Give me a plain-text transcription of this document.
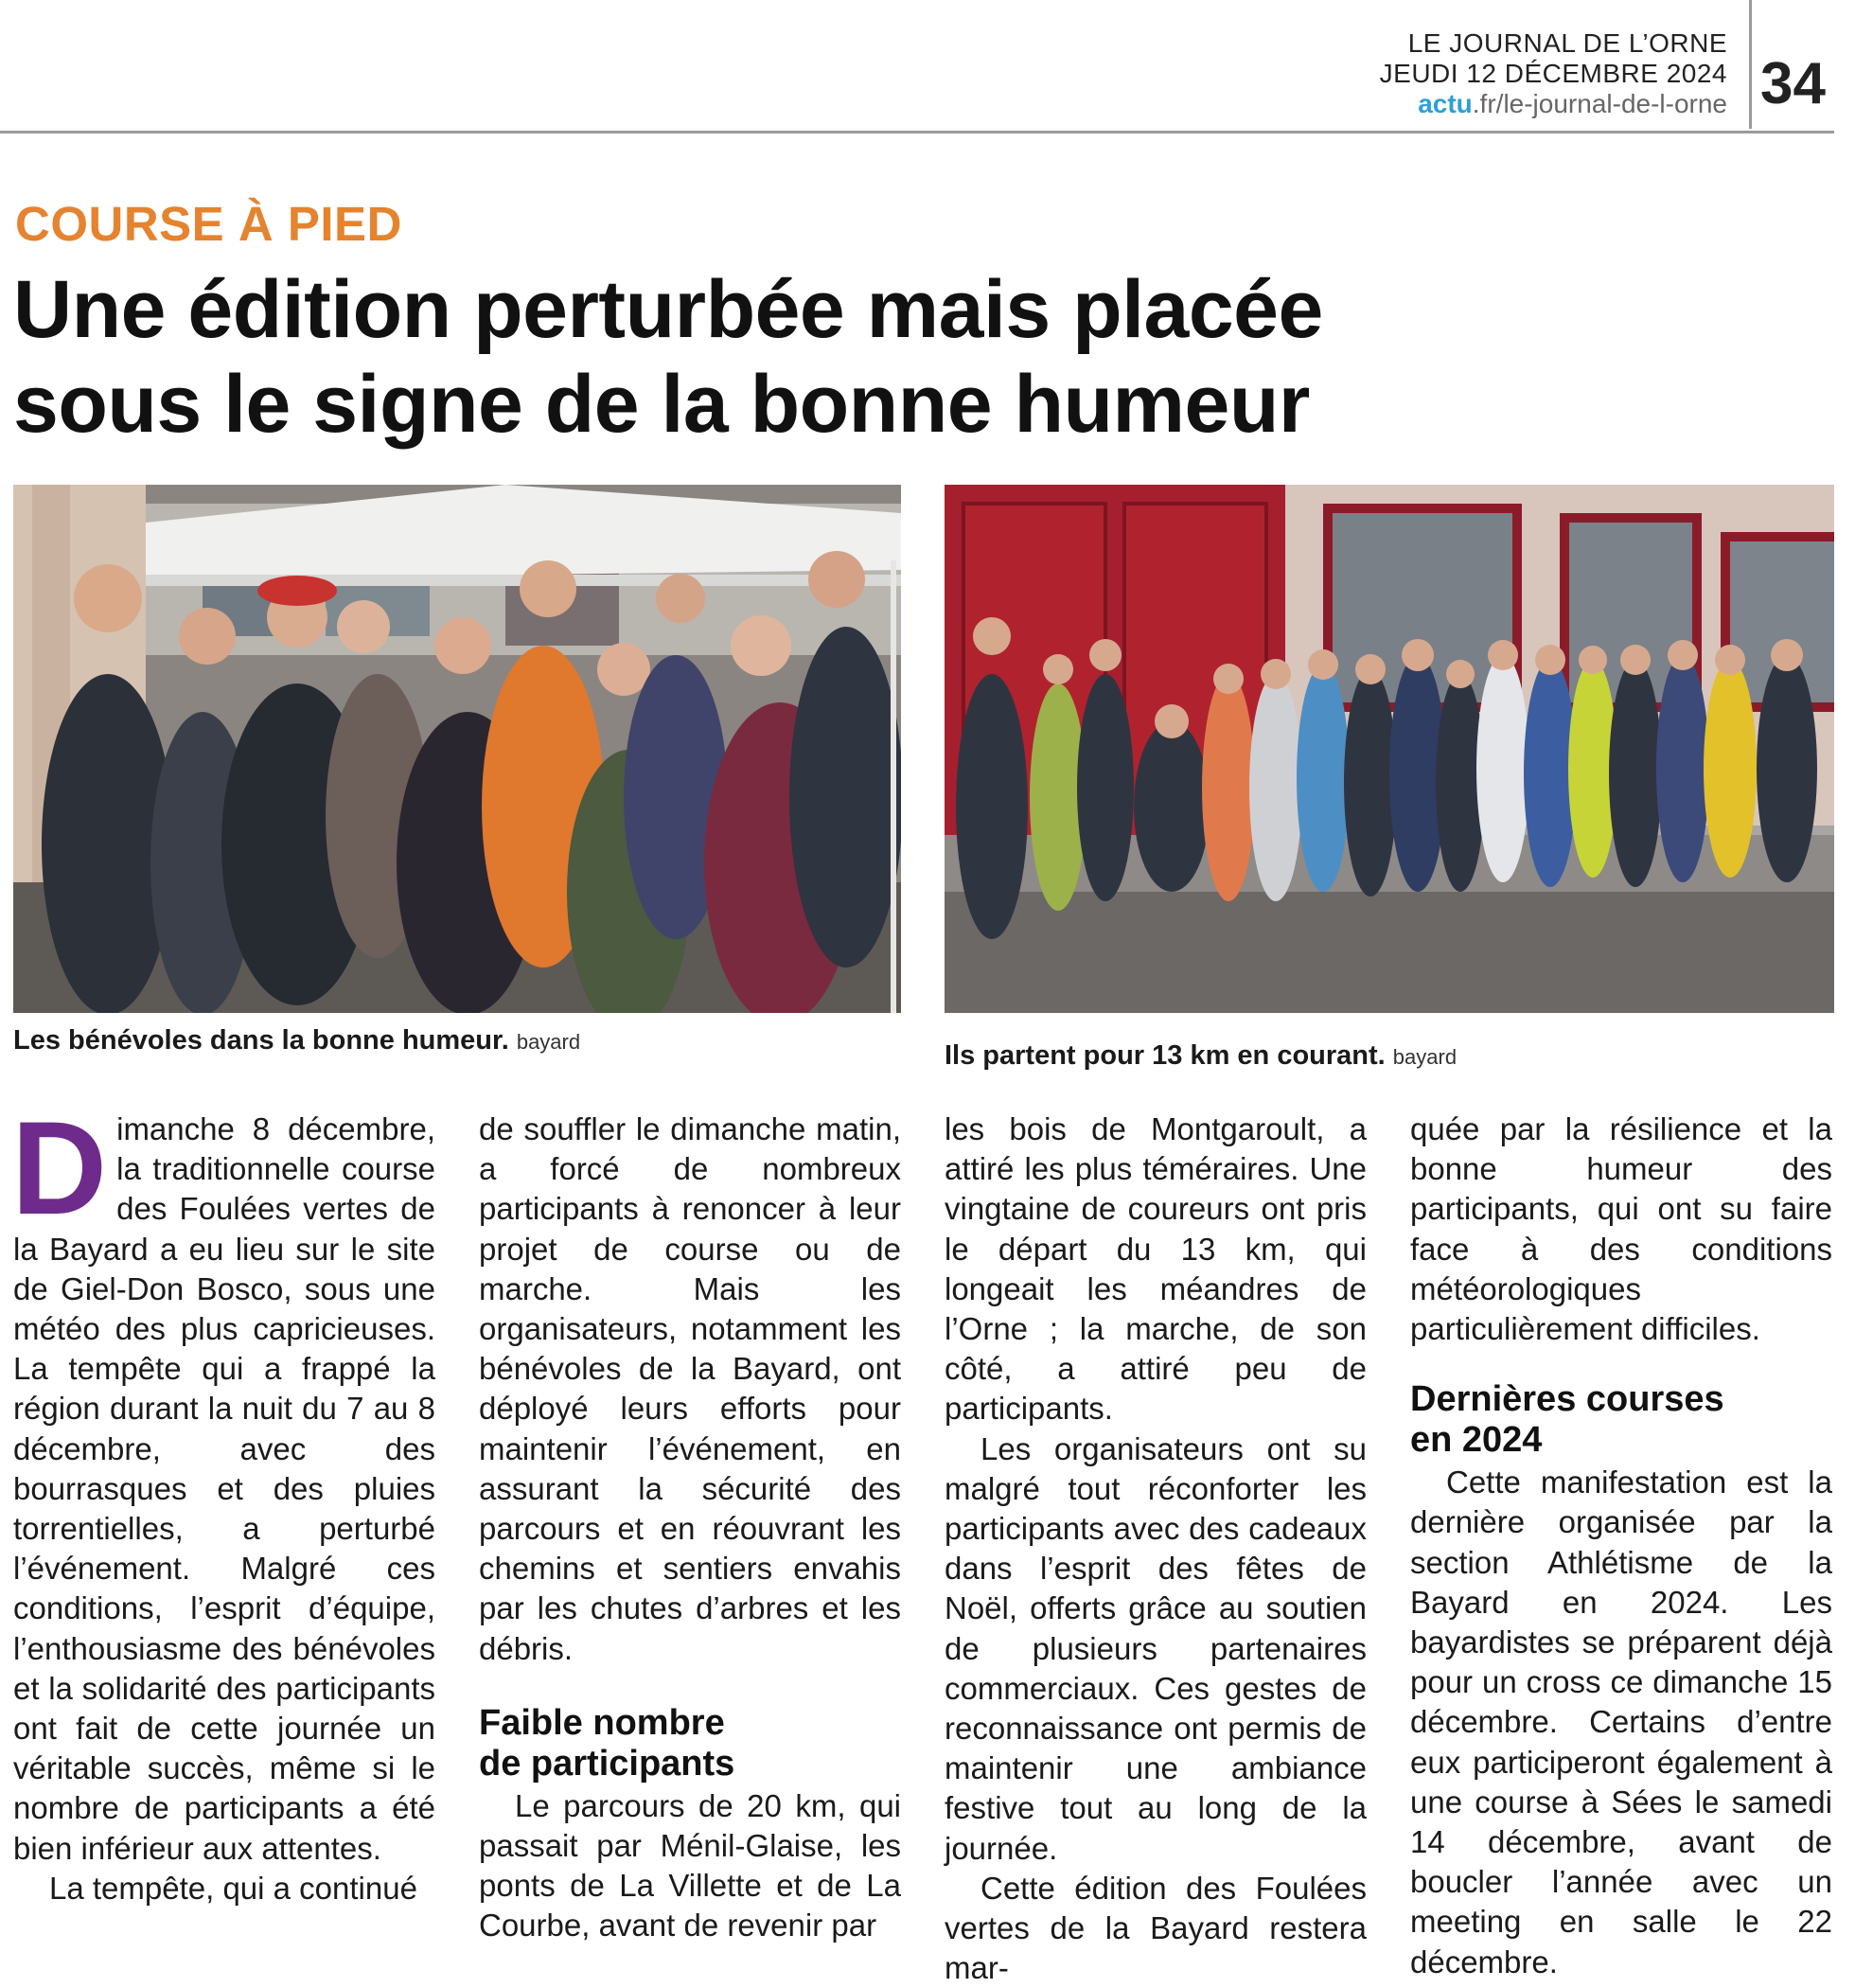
LE JOURNAL DE L’ORNE
JEUDI 12 DÉCEMBRE 2024
actu.fr/le-journal-de-l-orne 34
COURSE À PIED
Une édition perturbée mais placée
sous le signe de la bonne humeur
Les bénévoles dans la bonne humeur. bayard	Ils partent pour 13 km en courant. bayard

Dimanche 8 décembre, la traditionnelle course des Foulées vertes de la Bayard a eu lieu sur le site de Giel-Don Bosco, sous une météo des plus capricieuses. La tempête qui a frappé la région durant la nuit du 7 au 8 décembre, avec des bourrasques et des pluies torrentielles, a perturbé l’événement. Malgré ces conditions, l’esprit d’équipe, l’enthousiasme des bénévoles et la solidarité des participants ont fait de cette journée un véritable succès, même si le nombre de participants a été bien inférieur aux attentes.

La tempête, qui a continué

de souffler le dimanche matin, a forcé de nombreux participants à renoncer à leur projet de course ou de marche. Mais les organisateurs, notamment les bénévoles de la Bayard, ont déployé leurs efforts pour maintenir l’événement, en assurant la sécurité des parcours et en réouvrant les chemins et sentiers envahis par les chutes d’arbres et les débris.

Faible nombre
de participants

Le parcours de 20 km, qui passait par Ménil-Glaise, les ponts de La Villette et de La Courbe, avant de revenir par

les bois de Montgaroult, a attiré les plus téméraires. Une vingtaine de coureurs ont pris le départ du 13 km, qui longeait les méandres de l’Orne ; la marche, de son côté, a attiré peu de participants.

Les organisateurs ont su malgré tout réconforter les participants avec des cadeaux dans l’esprit des fêtes de Noël, offerts grâce au soutien de plusieurs partenaires commerciaux. Ces gestes de reconnaissance ont permis de maintenir une ambiance festive tout au long de la journée.

Cette édition des Foulées vertes de la Bayard restera mar-

quée par la résilience et la bonne humeur des participants, qui ont su faire face à des conditions météorologiques particulièrement difficiles.

Dernières courses
en 2024

Cette manifestation est la dernière organisée par la section Athlétisme de la Bayard en 2024. Les bayardistes se préparent déjà pour un cross ce dimanche 15 décembre. Certains d’entre eux participeront également à une course à Sées le samedi 14 décembre, avant de boucler l’année avec un meeting en salle le 22 décembre.
